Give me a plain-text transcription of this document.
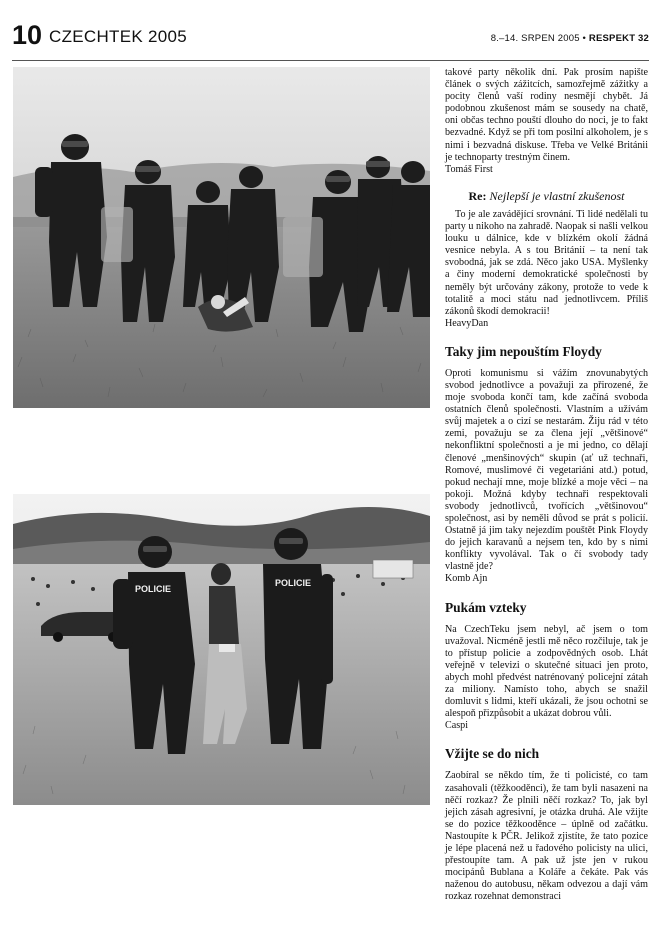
10 CZECHTEK 2005	8.–14. SRPEN 2005 • RESPEKT 32
POLICIE
POLICIE

takové party několik dní. Pak prosím napište článek o svých zážitcích, samozřejmě zážitky a pocity členů vaší rodiny nesmějí chybět. Já podobnou zkušenost mám se sousedy na chatě, oni občas techno pouští dlouho do noci, je to fakt bezvadné. Když se při tom posilní alkoholem, je s nimi i bezvadná diskuse. Třeba ve Velké Británii je technoparty trestným činem.

Tomáš First

Re: Nejlepší je vlastní zkušenost

To je ale zavádějící srovnání. Ti lidé nedělali tu party u nikoho na zahradě. Naopak si našli velkou louku u dálnice, kde v blízkém okolí žádná vesnice nebyla. A s tou Británií – ta není tak svobodná, jak se zdá. Něco jako USA. Myšlenky a činy moderní demokratické společnosti by neměly být určovány zákony, protože to vede k totalitě a moci státu nad jednotlivcem. Příliš zákonů škodí demokracii!

HeavyDan

Taky jim nepouštím Floydy

Oproti komunismu si vážím znovunabytých svobod jednotlivce a považuji za přirozené, že moje svoboda končí tam, kde začíná svoboda ostatních členů společnosti. Vlastním a užívám svůj majetek a o cizí se nestarám. Žiju rád v této zemi, považuju se za člena její „většinové“ nekonfliktní společnosti a je mi jedno, co dělají členové „menšinových“ skupin (ať už technaři, Romové, muslimové či vegetariáni atd.) potud, pokud nechají mne, moje blízké a moje věci – na pokoji. Možná kdyby technaři respektovali svobody jednotlivců, tvořících „většinovou“ společnost, asi by neměli důvod se prát s policií. Ostatně já jim taky nejezdím pouštět Pink Floydy do jejich karavanů a nejsem ten, kdo by s nimi konflikty vyvolával. Tak o čí svobody tady vlastně jde?

Komb Ajn

Pukám vzteky

Na CzechTeku jsem nebyl, ač jsem o tom uvažoval. Nicméně jestli mě něco rozčiluje, tak je to přístup policie a zodpovědných osob. Lhát veřejně v televizi o skutečné situaci jen proto, abych mohl předvést natrénovaný policejní zátah za miliony. Namísto toho, abych se snažil domluvit s lidmi, kteří ukázali, že jsou ochotni se alespoň přizpůsobit a ukázat dobrou vůli.

Caspi

Vžijte se do nich

Zaobíral se někdo tím, že ti policisté, co tam zasahovali (těžkooděnci), že tam byli nasazeni na něčí rozkaz? Že plnili něčí rozkaz? To, jak byl jejich zásah agresivní, je otázka druhá. Ale vžijte se do pozice těžkooděnce – úplně od začátku. Nastoupíte k PČR. Jelikož zjistíte, že tato pozice je lépe placená než u řadového policisty na ulici, přestoupíte tam. A pak už jste jen v rukou mocipánů Bublana a Koláře a čekáte. Pak vás naženou do autobusu, někam odvezou a dají vám rozkaz rozehnat demonstraci
